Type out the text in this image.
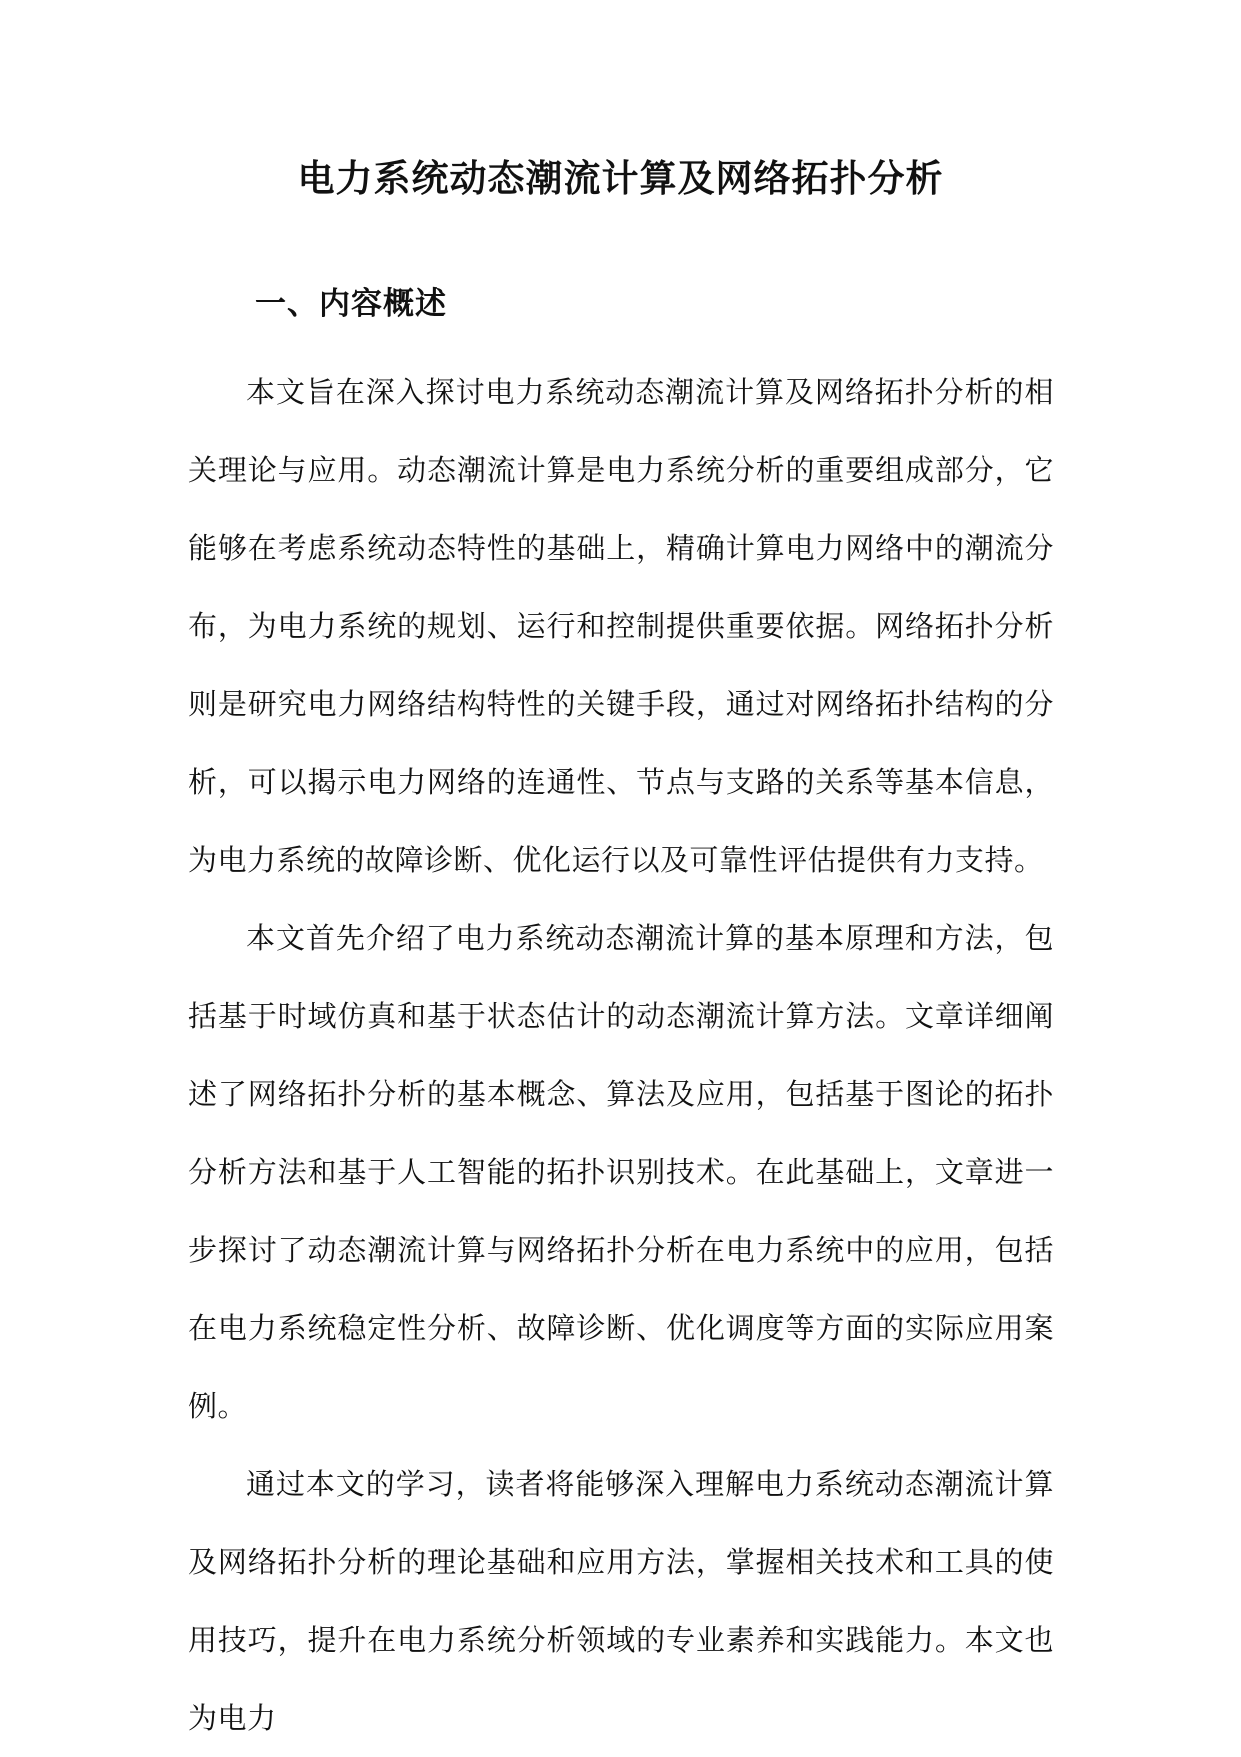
电力系统动态潮流计算及网络拓扑分析
一、内容概述

本文旨在深入探讨电力系统动态潮流计算及网络拓扑分析的相关理论与应用。动态潮流计算是电力系统分析的重要组成部分，它能够在考虑系统动态特性的基础上，精确计算电力网络中的潮流分布，为电力系统的规划、运行和控制提供重要依据。网络拓扑分析则是研究电力网络结构特性的关键手段，通过对网络拓扑结构的分析，可以揭示电力网络的连通性、节点与支路的关系等基本信息，为电力系统的故障诊断、优化运行以及可靠性评估提供有力支持。

本文首先介绍了电力系统动态潮流计算的基本原理和方法，包括基于时域仿真和基于状态估计的动态潮流计算方法。文章详细阐述了网络拓扑分析的基本概念、算法及应用，包括基于图论的拓扑分析方法和基于人工智能的拓扑识别技术。在此基础上，文章进一步探讨了动态潮流计算与网络拓扑分析在电力系统中的应用，包括在电力系统稳定性分析、故障诊断、优化调度等方面的实际应用案例。

通过本文的学习，读者将能够深入理解电力系统动态潮流计算及网络拓扑分析的理论基础和应用方法，掌握相关技术和工具的使用技巧，提升在电力系统分析领域的专业素养和实践能力。本文也为电力
